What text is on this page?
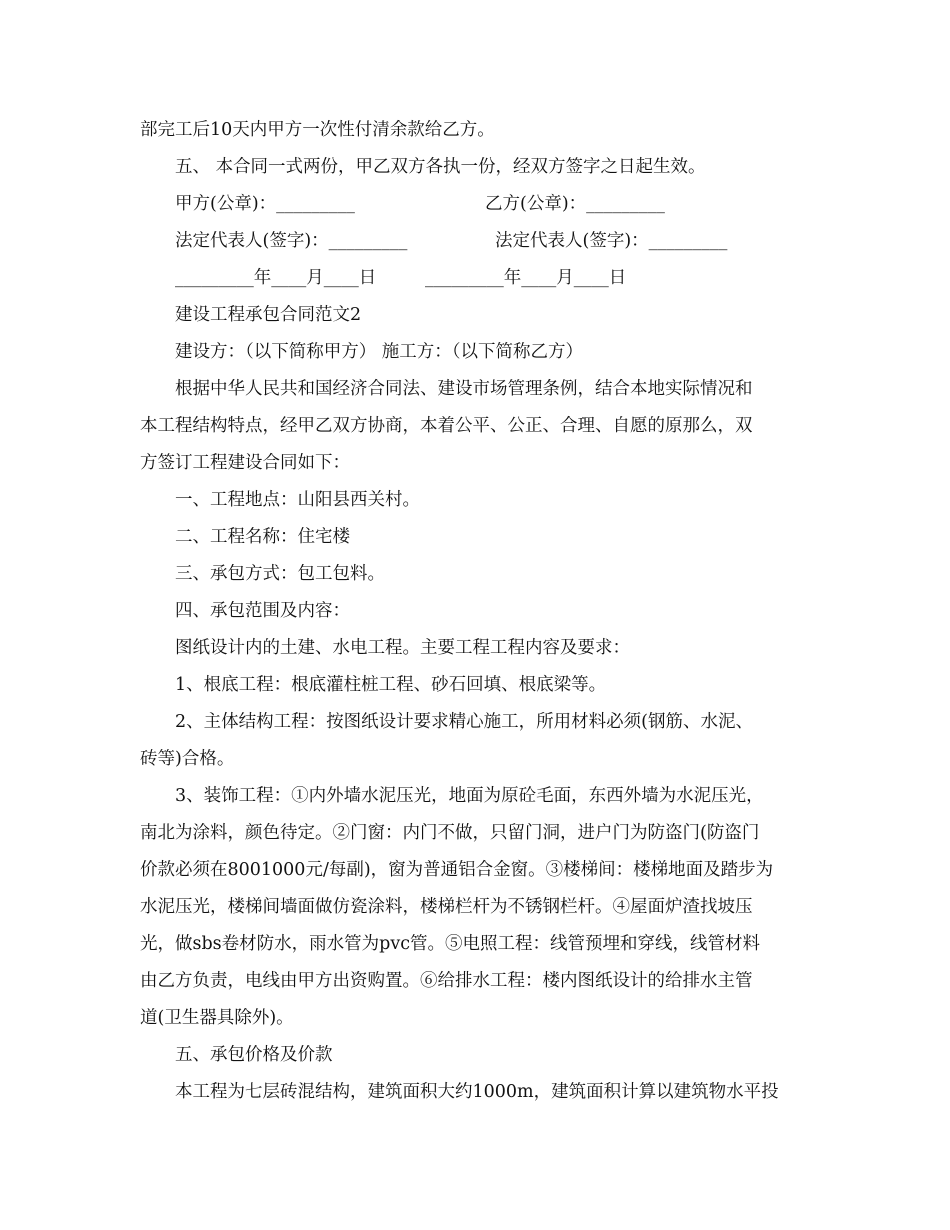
部完工后10天内甲方一次性付清余款给乙方。

五、 本合同一式两份，甲乙双方各执一份，经双方签字之日起生效。

甲方(公章)：_________	乙方(公章)：_________
法定代表人(签字)：_________	法定代表人(签字)：_________
_________年____月____日	_________年____月____日

建设工程承包合同范文2

建设方：（以下简称甲方） 施工方：（以下简称乙方）

根据中华人民共和国经济合同法、建设市场管理条例，结合本地实际情况和

本工程结构特点，经甲乙双方协商，本着公平、公正、合理、自愿的原那么，双

方签订工程建设合同如下：

一、工程地点：山阳县西关村。

二、工程名称：住宅楼

三、承包方式：包工包料。

四、承包范围及内容：

图纸设计内的土建、水电工程。主要工程工程内容及要求：

1、根底工程：根底灌柱桩工程、砂石回填、根底梁等。

2、主体结构工程：按图纸设计要求精心施工，所用材料必须(钢筋、水泥、

砖等)合格。

3、装饰工程：①内外墙水泥压光，地面为原砼毛面，东西外墙为水泥压光，

南北为涂料，颜色待定。②门窗：内门不做，只留门洞，进户门为防盗门(防盗门

价款必须在8001000元/每副)，窗为普通铝合金窗。③楼梯间：楼梯地面及踏步为

水泥压光，楼梯间墙面做仿瓷涂料，楼梯栏杆为不锈钢栏杆。④屋面炉渣找坡压

光，做sbs卷材防水，雨水管为pvc管。⑤电照工程：线管预埋和穿线，线管材料

由乙方负责，电线由甲方出资购置。⑥给排水工程：楼内图纸设计的给排水主管

道(卫生器具除外)。

五、承包价格及价款

本工程为七层砖混结构，建筑面积大约1000m，建筑面积计算以建筑物水平投
